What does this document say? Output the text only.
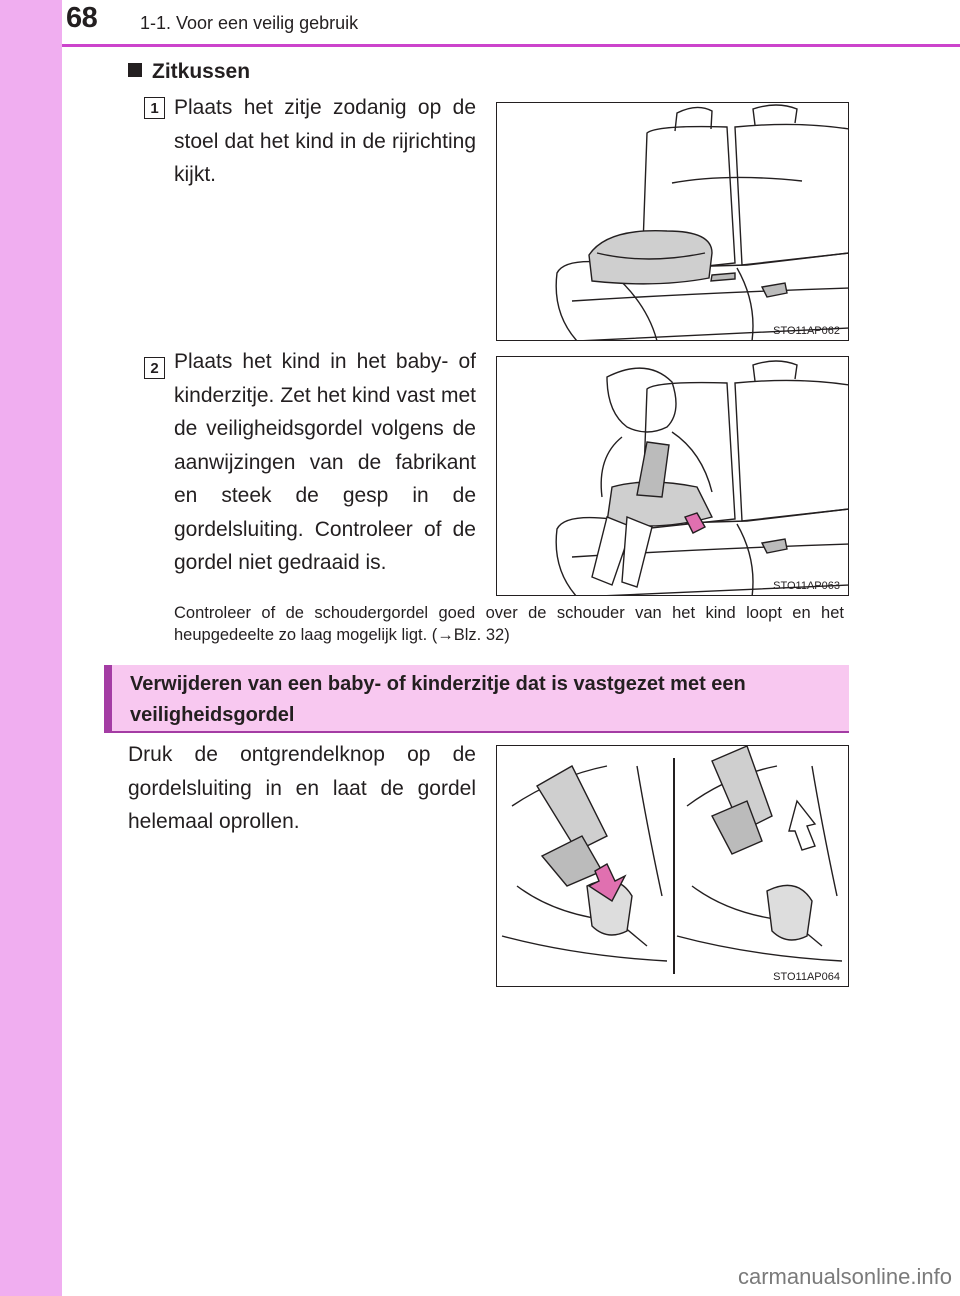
68 1-1. Voor een veilig gebruik
Zitkussen
1 Plaats het zitje zodanig op de stoel dat het kind in de rijrichting kijkt.
STO11AP062
2 Plaats het kind in het baby- of kinderzitje. Zet het kind vast met de veiligheidsgordel volgens de aanwijzingen van de fabrikant en steek de gesp in de gordelsluiting. Controleer of de gordel niet gedraaid is.
STO11AP063
Controleer of de schoudergordel goed over de schouder van het kind loopt en het heupgedeelte zo laag mogelijk ligt. (→Blz. 32)
Verwijderen van een baby- of kinderzitje dat is vastgezet met een veiligheidsgordel
Druk de ontgrendelknop op de gordelsluiting in en laat de gordel helemaal oprollen.
STO11AP064
carmanualsonline.info
